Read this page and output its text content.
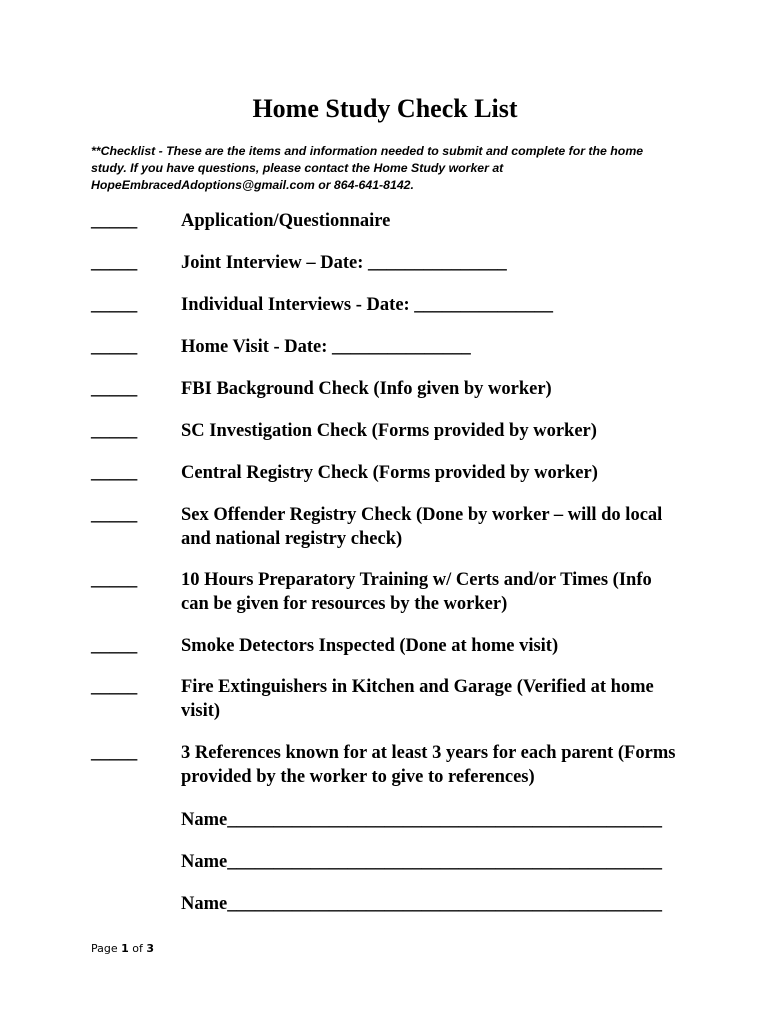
Home Study Check List

**Checklist - These are the items and information needed to submit and complete for the home study. If you have questions, please contact the Home Study worker at HopeEmbracedAdoptions@gmail.com or 864-641-8142.

_____ Application/Questionnaire
_____ Joint Interview – Date: _______________
_____ Individual Interviews - Date: _______________
_____ Home Visit - Date: _______________
_____ FBI Background Check (Info given by worker)
_____ SC Investigation Check (Forms provided by worker)
_____ Central Registry Check (Forms provided by worker)
_____ Sex Offender Registry Check (Done by worker – will do local and national registry check)
_____ 10 Hours Preparatory Training w/ Certs and/or Times (Info can be given for resources by the worker)
_____ Smoke Detectors Inspected (Done at home visit)
_____ Fire Extinguishers in Kitchen and Garage (Verified at home visit)
_____ 3 References known for at least 3 years for each parent (Forms provided by the worker to give to references)
Name_______________________________________________
Name_______________________________________________
Name_______________________________________________
Page 1 of 3
